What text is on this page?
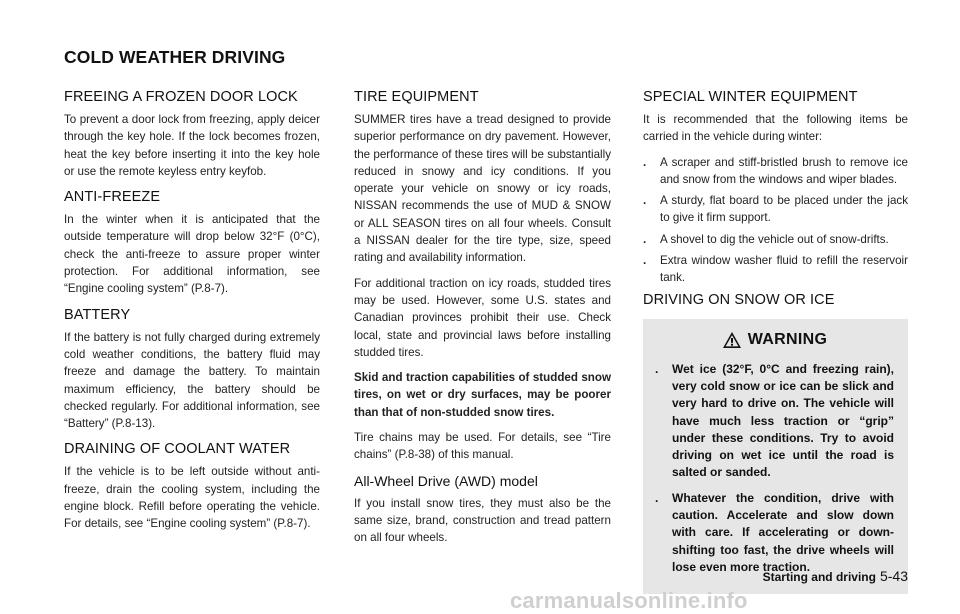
COLD WEATHER DRIVING
FREEING A FROZEN DOOR LOCK

To prevent a door lock from freezing, apply deicer through the key hole. If the lock becomes frozen, heat the key before inserting it into the key hole or use the remote keyless entry keyfob.

ANTI-FREEZE

In the winter when it is anticipated that the outside temperature will drop below 32°F (0°C), check the anti-freeze to assure proper winter protection. For additional information, see “Engine cooling system” (P.8-7).

BATTERY

If the battery is not fully charged during extremely cold weather conditions, the battery fluid may freeze and damage the battery. To maintain maximum efficiency, the battery should be checked regularly. For additional information, see “Battery” (P.8-13).

DRAINING OF COOLANT WATER

If the vehicle is to be left outside without anti-freeze, drain the cooling system, including the engine block. Refill before operating the vehicle. For details, see “Engine cooling system” (P.8-7).

TIRE EQUIPMENT

SUMMER tires have a tread designed to provide superior performance on dry pavement. However, the performance of these tires will be substantially reduced in snowy and icy conditions. If you operate your vehicle on snowy or icy roads, NISSAN recommends the use of MUD & SNOW or ALL SEASON tires on all four wheels. Consult a NISSAN dealer for the tire type, size, speed rating and availability information.

For additional traction on icy roads, studded tires may be used. However, some U.S. states and Canadian provinces prohibit their use. Check local, state and provincial laws before installing studded tires.

Skid and traction capabilities of studded snow tires, on wet or dry surfaces, may be poorer than that of non-studded snow tires.

Tire chains may be used. For details, see “Tire chains” (P.8-38) of this manual.

All-Wheel Drive (AWD) model

If you install snow tires, they must also be the same size, brand, construction and tread pattern on all four wheels.

SPECIAL WINTER EQUIPMENT

It is recommended that the following items be carried in the vehicle during winter:

.	A scraper and stiff-bristled brush to remove ice and snow from the windows and wiper blades.
.	A sturdy, flat board to be placed under the jack to give it firm support.
.	A shovel to dig the vehicle out of snow-drifts.
.	Extra window washer fluid to refill the reservoir tank.
DRIVING ON SNOW OR ICE
WARNING
.	Wet ice (32°F, 0°C and freezing rain), very cold snow or ice can be slick and very hard to drive on. The vehicle will have much less traction or “grip” under these conditions. Try to avoid driving on wet ice until the road is salted or sanded.
.	Whatever the condition, drive with caution. Accelerate and slow down with care. If accelerating or down-shifting too fast, the drive wheels will lose even more traction.
Starting and driving 5-43
carmanualsonline.info
